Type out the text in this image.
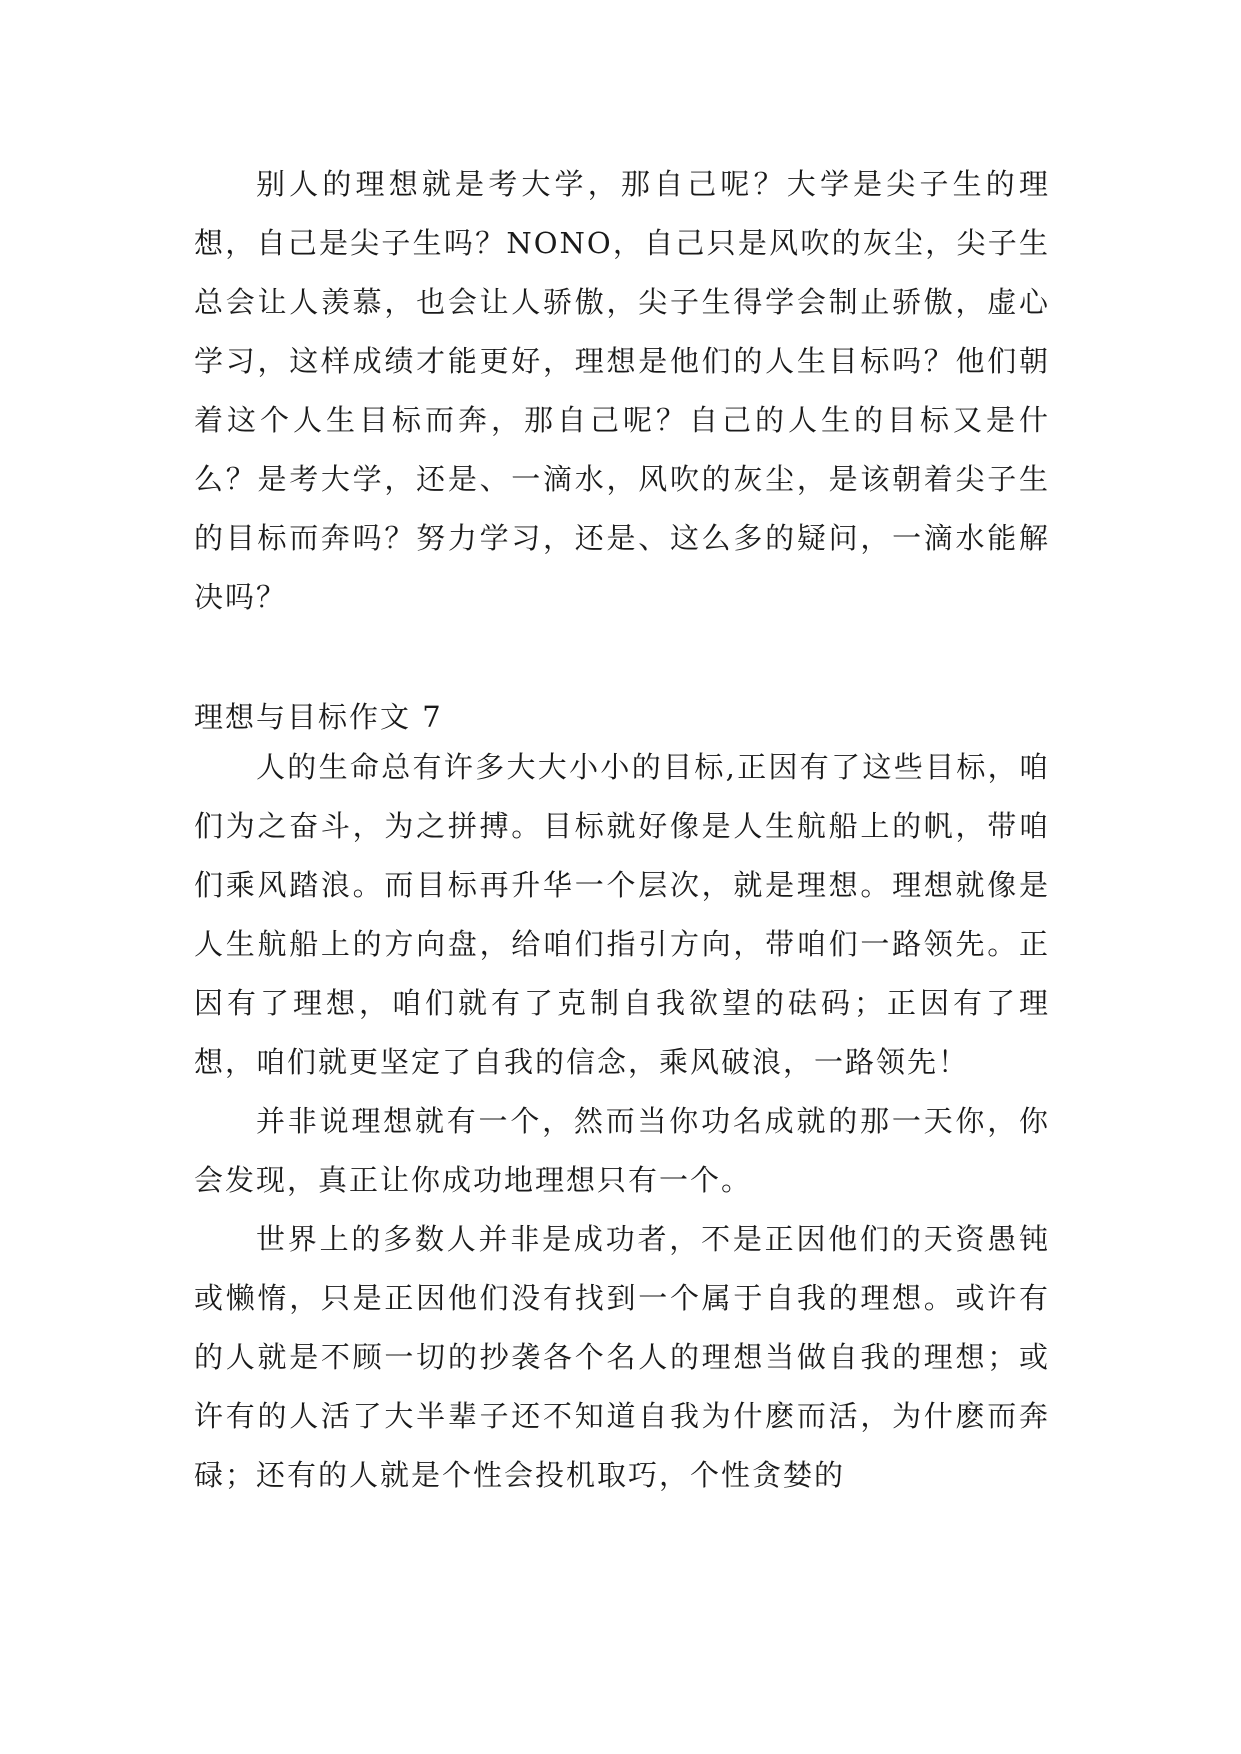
别人的理想就是考大学，那自己呢？大学是尖子生的理想，自己是尖子生吗？NONO，自己只是风吹的灰尘，尖子生总会让人羡慕，也会让人骄傲，尖子生得学会制止骄傲，虚心学习，这样成绩才能更好，理想是他们的人生目标吗？他们朝着这个人生目标而奔，那自己呢？自己的人生的目标又是什么？是考大学，还是、一滴水，风吹的灰尘，是该朝着尖子生的目标而奔吗？努力学习，还是、这么多的疑问，一滴水能解决吗？

理想与目标作文 7

人的生命总有许多大大小小的目标,正因有了这些目标，咱们为之奋斗，为之拼搏。目标就好像是人生航船上的帆，带咱们乘风踏浪。而目标再升华一个层次，就是理想。理想就像是人生航船上的方向盘，给咱们指引方向，带咱们一路领先。正因有了理想，咱们就有了克制自我欲望的砝码；正因有了理想，咱们就更坚定了自我的信念，乘风破浪，一路领先！

并非说理想就有一个，然而当你功名成就的那一天你，你会发现，真正让你成功地理想只有一个。

世界上的多数人并非是成功者，不是正因他们的天资愚钝或懒惰，只是正因他们没有找到一个属于自我的理想。或许有的人就是不顾一切的抄袭各个名人的理想当做自我的理想；或许有的人活了大半辈子还不知道自我为什麽而活，为什麽而奔碌；还有的人就是个性会投机取巧，个性贪婪的
